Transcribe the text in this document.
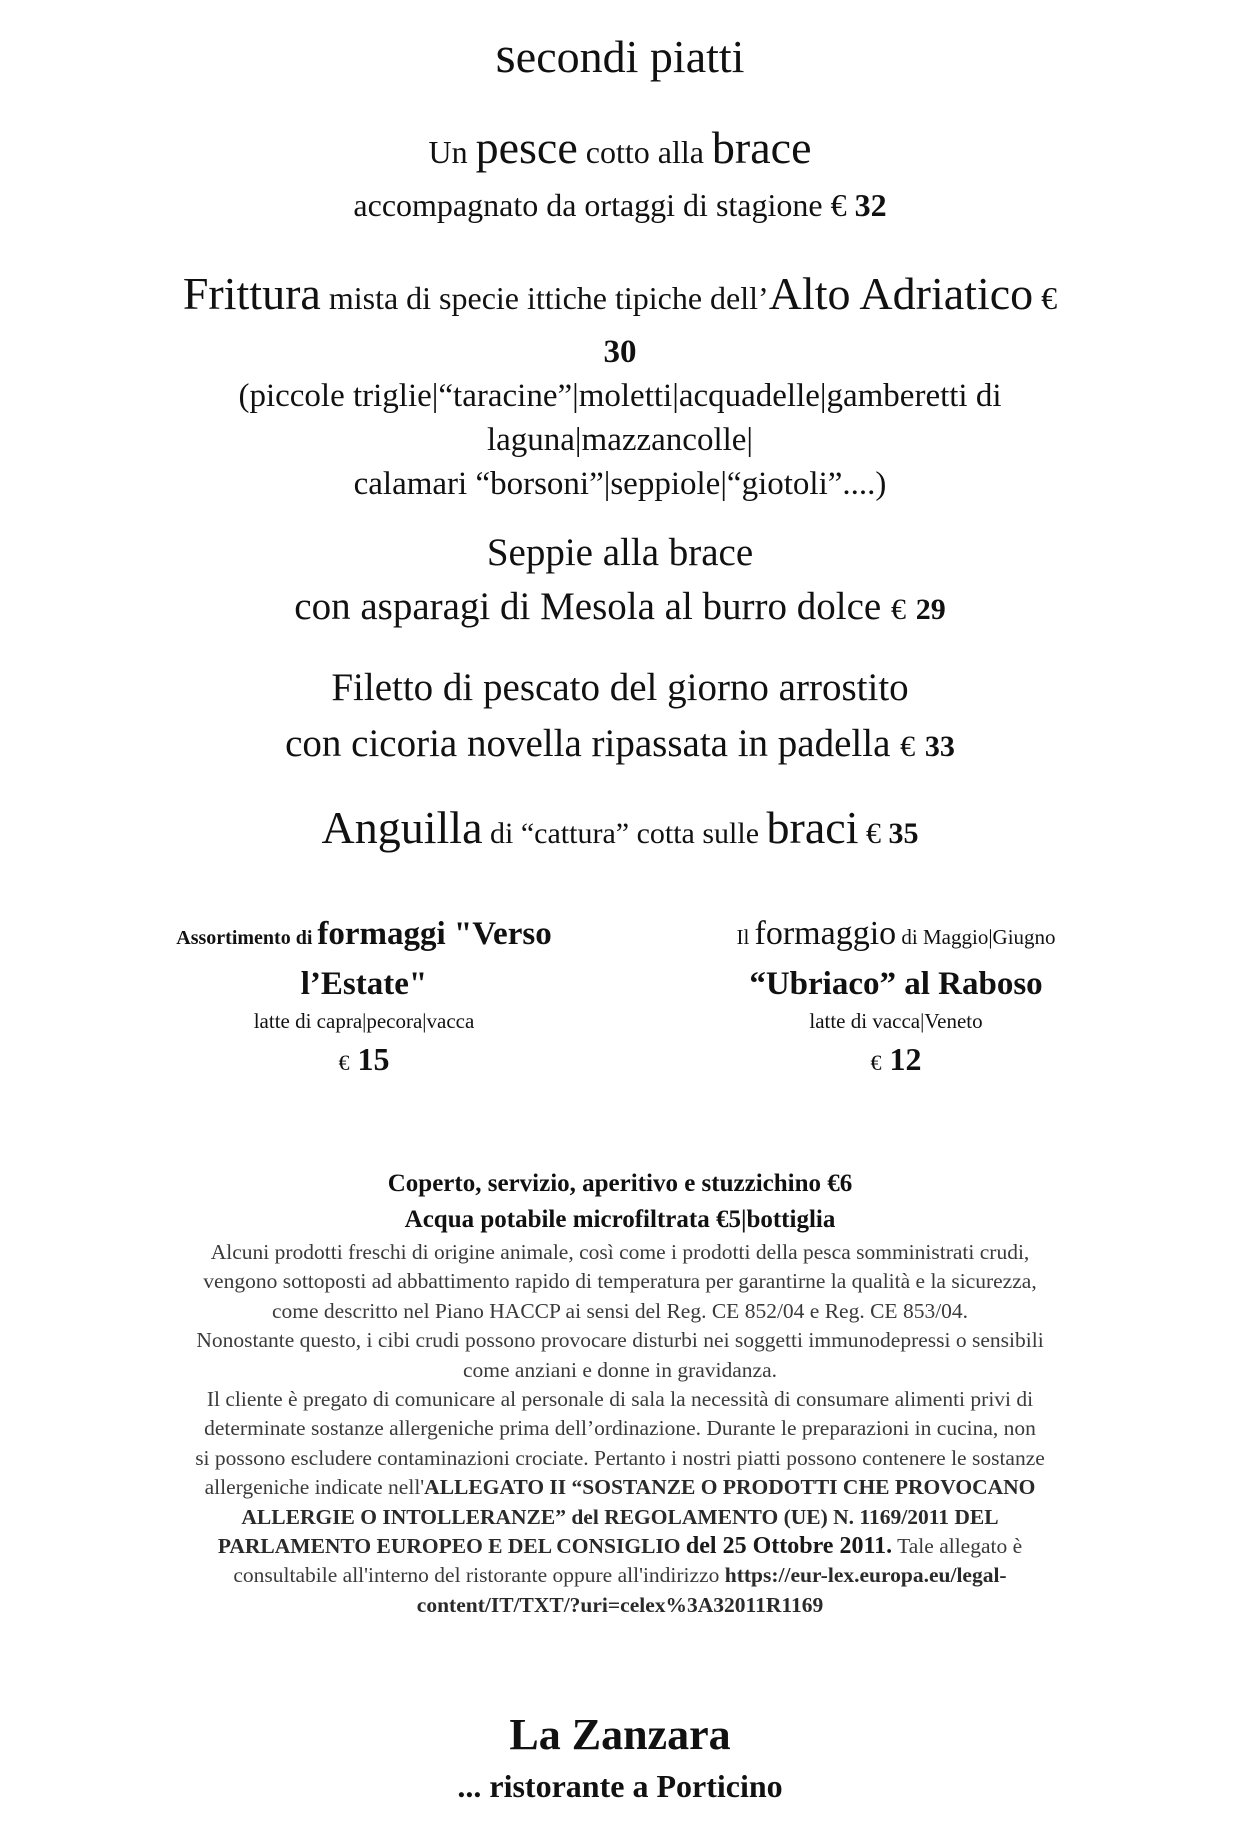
secondi piatti
Un pesce cotto alla brace
accompagnato da ortaggi di stagione € 32
Frittura mista di specie ittiche tipiche dell’Alto Adriatico €
30
(piccole triglie|“taracine”|moletti|acquadelle|gamberetti di
laguna|mazzancolle|
calamari “borsoni”|seppiole|“giotoli”....)
Seppie alla brace
con asparagi di Mesola al burro dolce € 29
Filetto di pescato del giorno arrostito
con cicoria novella ripassata in padella € 33
Anguilla di “cattura” cotta sulle braci € 35
Assortimento di formaggi "Verso
l’Estate"
latte di capra|pecora|vacca
€ 15
Il formaggio di Maggio|Giugno
“Ubriaco” al Raboso
latte di vacca|Veneto
€ 12
Coperto, servizio, aperitivo e stuzzichino €6
Acqua potabile microfiltrata €5|bottiglia
Alcuni prodotti freschi di origine animale, così come i prodotti della pesca somministrati crudi,
vengono sottoposti ad abbattimento rapido di temperatura per garantirne la qualità e la sicurezza,
come descritto nel Piano HACCP ai sensi del Reg. CE 852/04 e Reg. CE 853/04.
Nonostante questo, i cibi crudi possono provocare disturbi nei soggetti immunodepressi o sensibili
come anziani e donne in gravidanza.
Il cliente è pregato di comunicare al personale di sala la necessità di consumare alimenti privi di
determinate sostanze allergeniche prima dell’ordinazione. Durante le preparazioni in cucina, non
si possono escludere contaminazioni crociate. Pertanto i nostri piatti possono contenere le sostanze
allergeniche indicate nell'ALLEGATO II “SOSTANZE O PRODOTTI CHE PROVOCANO
ALLERGIE O INTOLLERANZE” del REGOLAMENTO (UE) N. 1169/2011 DEL
PARLAMENTO EUROPEO E DEL CONSIGLIO del 25 Ottobre 2011. Tale allegato è
consultabile all'interno del ristorante oppure all'indirizzo https://eur-lex.europa.eu/legal-
content/IT/TXT/?uri=celex%3A32011R1169
La Zanzara
... ristorante a Porticino
